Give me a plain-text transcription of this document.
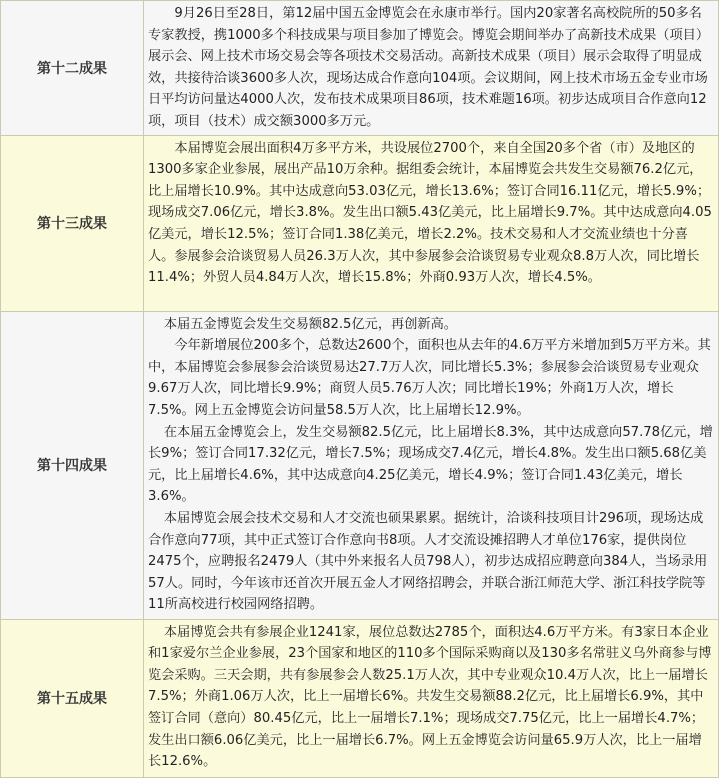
第十二成果	9月26日至28日，第12届中国五金博览会在永康市举行。国内20家著名高校院所的50多名专家教授，携1000多个科技成果与项目参加了博览会。博览会期间举办了高新技术成果（项目）展示会、网上技术市场交易会等各项技术交易活动。高新技术成果（项目）展示会取得了明显成效，共接待洽谈3600多人次，现场达成合作意向104项。会议期间，网上技术市场五金专业市场日平均访问量达4000人次，发布技术成果项目86项，技术难题16项。初步达成项目合作意向12项，项目（技术）成交额3000多万元。

第十三成果	本届博览会展出面积4万多平方米，共设展位2700个，来自全国20多个省（市）及地区的1300多家企业参展，展出产品10万余种。据组委会统计，本届博览会共发生交易额76.2亿元，比上届增长10.9%。其中达成意向53.03亿元，增长13.6%；签订合同16.11亿元，增长5.9%；现场成交7.06亿元，增长3.8%。发生出口额5.43亿美元，比上届增长9.7%。其中达成意向4.05亿美元，增长12.5%；签订合同1.38亿美元，增长2.2%。技术交易和人才交流业绩也十分喜人。参展参会洽谈贸易人员26.3万人次，其中参展参会洽谈贸易专业观众8.8万人次，同比增长11.4%；外贸人员4.84万人次，增长15.8%；外商0.93万人次，增长4.5%。

第十四成果	本届五金博览会发生交易额82.5亿元，再创新高。

今年新增展位200多个，总数达2600个，面积也从去年的4.6万平方米增加到5万平方米。其中，本届博览会参展参会洽谈贸易达27.7万人次，同比增长5.3%；参展参会洽谈贸易专业观众9.67万人次，同比增长9.9%；商贸人员5.76万人次；同比增长19%；外商1万人次，增长7.5%。网上五金博览会访问量58.5万人次，比上届增长12.9%。

在本届五金博览会上，发生交易额82.5亿元，比上届增长8.3%，其中达成意向57.78亿元，增长9%；签订合同17.32亿元，增长7.5%；现场成交7.4亿元，增长4.8%。发生出口额5.68亿美元，比上届增长4.6%，其中达成意向4.25亿美元，增长4.9%；签订合同1.43亿美元，增长3.6%。

本届博览会展会技术交易和人才交流也硕果累累。据统计，洽谈科技项目计296项，现场达成合作意向77项，其中正式签订合作意向书8项。人才交流设摊招聘人才单位176家，提供岗位2475个，应聘报名2479人（其中外来报名人员798人），初步达成招应聘意向384人，当场录用57人。同时，今年该市还首次开展五金人才网络招聘会，并联合浙江师范大学、浙江科技学院等11所高校进行校园网络招聘。

第十五成果	本届博览会共有参展企业1241家，展位总数达2785个，面积达4.6万平方米。有3家日本企业和1家爱尔兰企业参展，23个国家和地区的110多个国际采购商以及130多名常驻义乌外商参与博览会采购。三天会期，共有参展参会人数25.1万人次，其中专业观众10.4万人次，比上一届增长7.5%；外商1.06万人次，比上一届增长6%。共发生交易额88.2亿元，比上届增长6.9%，其中签订合同（意向）80.45亿元，比上一届增长7.1%；现场成交7.75亿元，比上一届增长4.7%；发生出口额6.06亿美元，比上一届增长6.7%。网上五金博览会访问量65.9万人次，比上一届增长12.6%。
